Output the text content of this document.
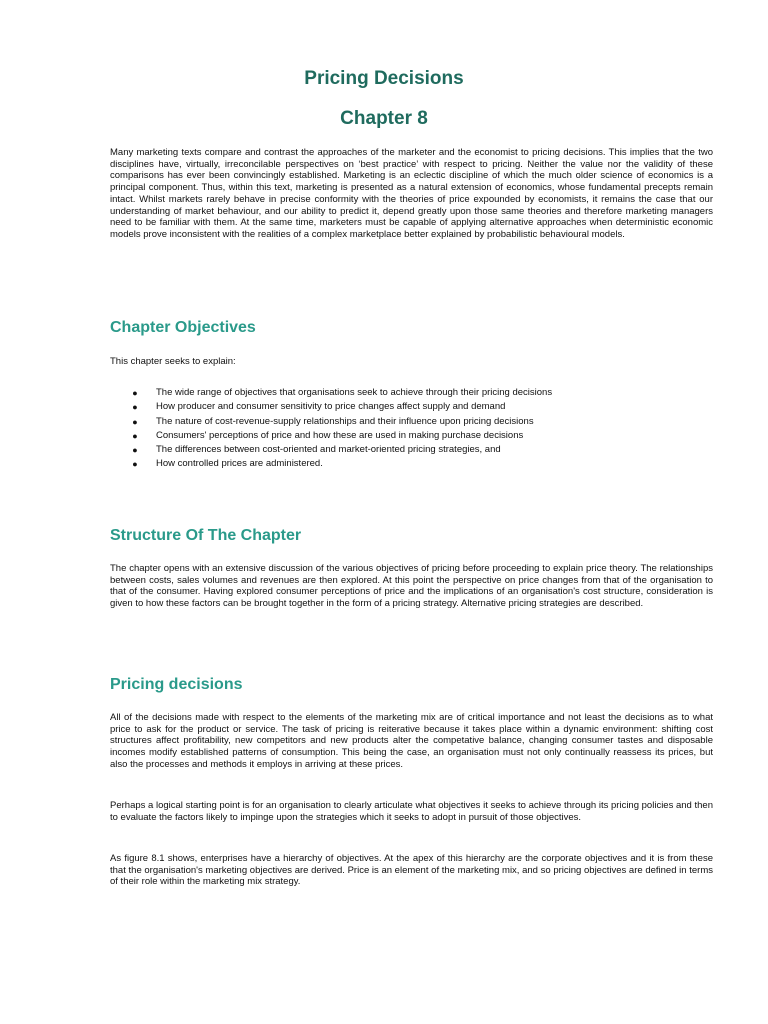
Pricing Decisions
Chapter 8

Many marketing texts compare and contrast the approaches of the marketer and the economist to pricing decisions. This implies that the two disciplines have, virtually, irreconcilable perspectives on ‘best practice’ with respect to pricing. Neither the value nor the validity of these comparisons has ever been convincingly established. Marketing is an eclectic discipline of which the much older science of economics is a principal component. Thus, within this text, marketing is presented as a natural extension of economics, whose fundamental precepts remain intact. Whilst markets rarely behave in precise conformity with the theories of price expounded by economists, it remains the case that our understanding of market behaviour, and our ability to predict it, depend greatly upon those same theories and therefore marketing managers need to be familiar with them. At the same time, marketers must be capable of applying alternative approaches when deterministic economic models prove inconsistent with the realities of a complex marketplace better explained by probabilistic behavioural models.

Chapter Objectives

This chapter seeks to explain:

● The wide range of objectives that organisations seek to achieve through their pricing decisions
● How producer and consumer sensitivity to price changes affect supply and demand
● The nature of cost-revenue-supply relationships and their influence upon pricing decisions
● Consumers' perceptions of price and how these are used in making purchase decisions
● The differences between cost-oriented and market-oriented pricing strategies, and
● How controlled prices are administered.
Structure Of The Chapter

The chapter opens with an extensive discussion of the various objectives of pricing before proceeding to explain price theory. The relationships between costs, sales volumes and revenues are then explored. At this point the perspective on price changes from that of the organisation to that of the consumer. Having explored consumer perceptions of price and the implications of an organisation's cost structure, consideration is given to how these factors can be brought together in the form of a pricing strategy. Alternative pricing strategies are described.

Pricing decisions

All of the decisions made with respect to the elements of the marketing mix are of critical importance and not least the decisions as to what price to ask for the product or service. The task of pricing is reiterative because it takes place within a dynamic environment: shifting cost structures affect profitability, new competitors and new products alter the competative balance, changing consumer tastes and disposable incomes modify established patterns of consumption. This being the case, an organisation must not only continually reassess its prices, but also the processes and methods it employs in arriving at these prices.

Perhaps a logical starting point is for an organisation to clearly articulate what objectives it seeks to achieve through its pricing policies and then to evaluate the factors likely to impinge upon the strategies which it seeks to adopt in pursuit of those objectives.

As figure 8.1 shows, enterprises have a hierarchy of objectives. At the apex of this hierarchy are the corporate objectives and it is from these that the organisation's marketing objectives are derived. Price is an element of the marketing mix, and so pricing objectives are defined in terms of their role within the marketing mix strategy.
